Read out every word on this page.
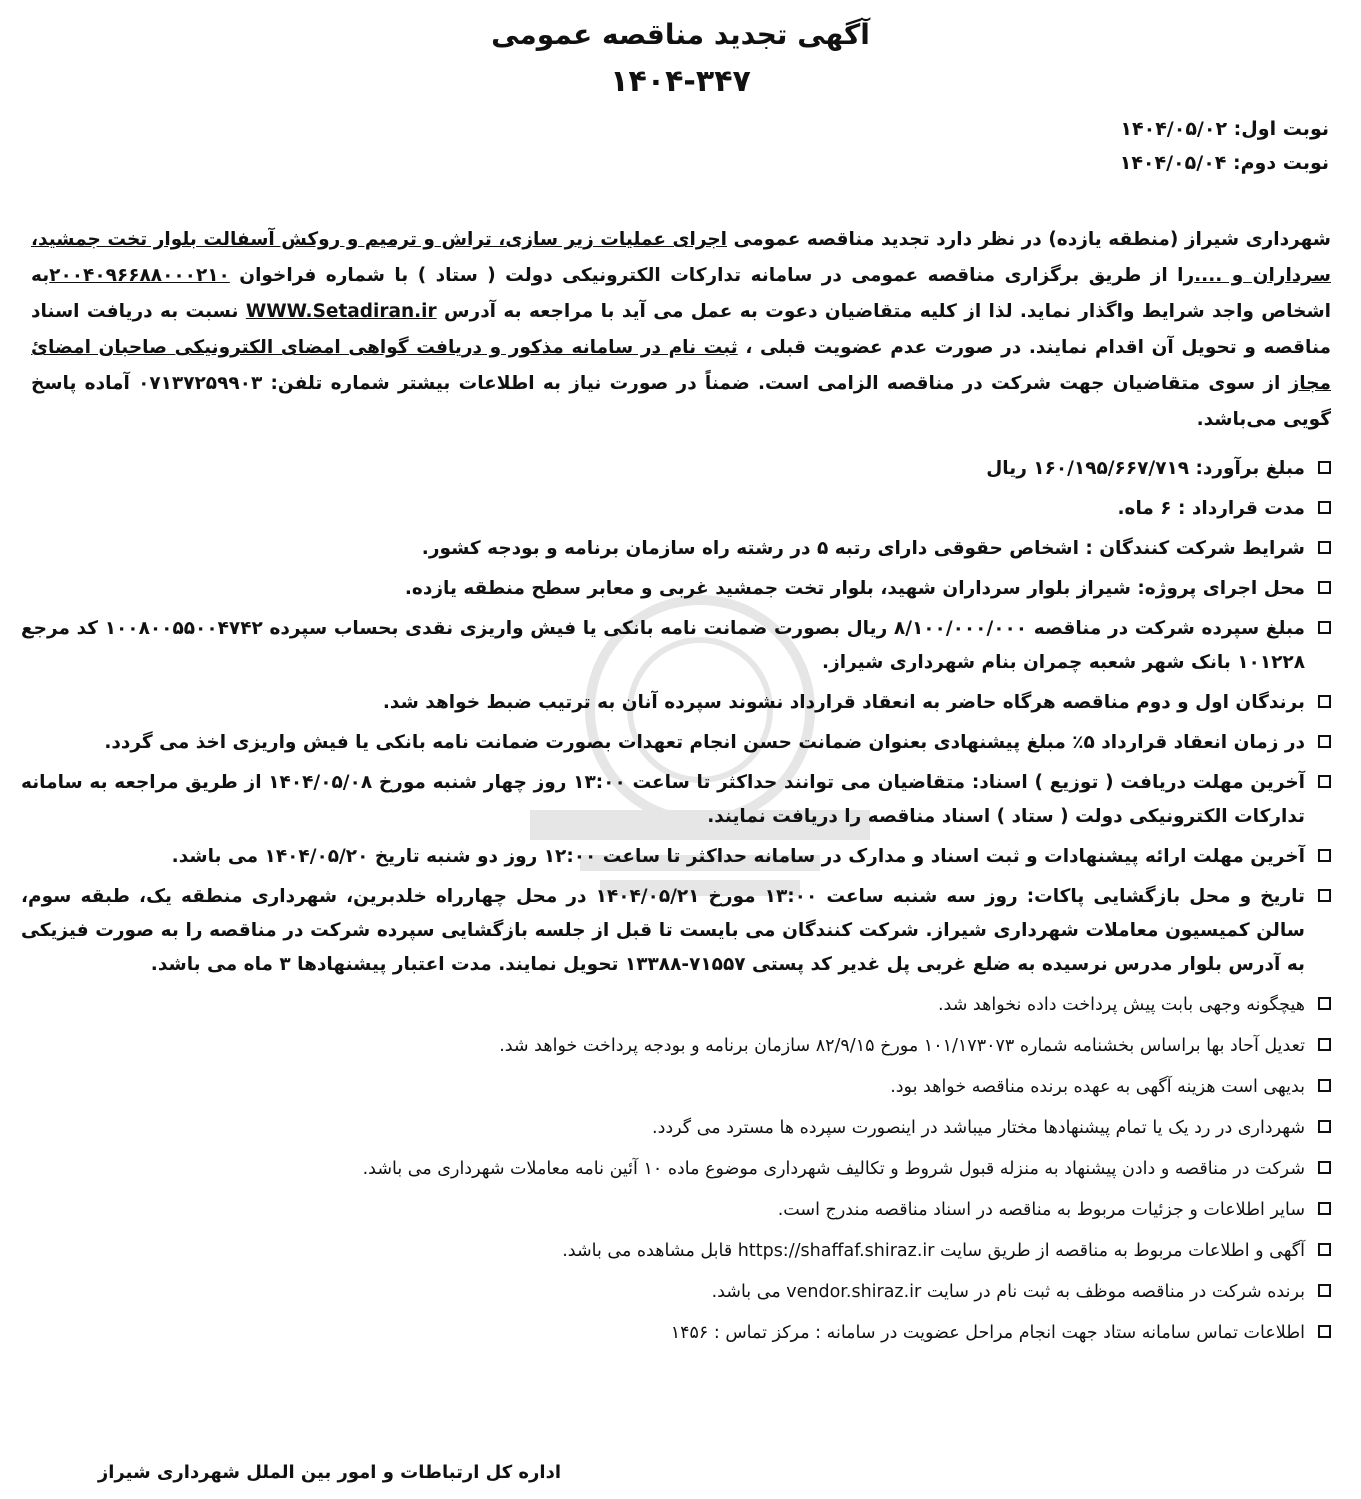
آگهی تجدید مناقصه عمومی
۱۴۰۴-۳۴۷
نوبت اول: ۱۴۰۴/۰۵/۰۲
نوبت دوم: ۱۴۰۴/۰۵/۰۴
شهرداری شیراز (منطقه یازده) در نظر دارد تجدید مناقصه عمومی اجرای عملیات زیر سازی، تراش و ترمیم و روکش آسفالت بلوار تخت جمشید، سرداران و ....را از طریق برگزاری مناقصه عمومی در سامانه تدارکات الکترونیکی دولت ( ستاد ) با شماره فراخوان ۲۰۰۴۰۹۶۶۸۸۰۰۰۲۱۰به اشخاص واجد شرایط واگذار نماید. لذا از کلیه متقاضیان دعوت به عمل می آید با مراجعه به آدرس WWW.Setadiran.ir نسبت به دریافت اسناد مناقصه و تحویل آن اقدام نمایند. در صورت عدم عضویت قبلی ، ثبت نام در سامانه مذکور و دریافت گواهی امضای الکترونیکی صاحبان امضائ مجاز از سوی متقاضیان جهت شرکت در مناقصه الزامی است. ضمناً در صورت نیاز به اطلاعات بیشتر شماره تلفن: ۰۷۱۳۷۲۵۹۹۰۳ آماده پاسخ گویی می‌باشد.
مبلغ برآورد: ۱۶۰/۱۹۵/۶۶۷/۷۱۹ ریال
مدت قرارداد : ۶ ماه.
شرایط شرکت کنندگان : اشخاص حقوقی دارای رتبه ۵ در رشته راه سازمان برنامه و بودجه کشور.
محل اجرای پروژه: شیراز بلوار سرداران شهید، بلوار تخت جمشید غربی و معابر سطح منطقه یازده.
مبلغ سپرده شرکت در مناقصه ۸/۱۰۰/۰۰۰/۰۰۰ ریال بصورت ضمانت نامه بانکی یا فیش واریزی نقدی بحساب سپرده ۱۰۰۸۰۰۵۵۰۰۴۷۴۲ کد مرجع ۱۰۱۲۲۸ بانک شهر شعبه چمران بنام شهرداری شیراز.
برندگان اول و دوم مناقصه هرگاه حاضر به انعقاد قرارداد نشوند سپرده آنان به ترتیب ضبط خواهد شد.
در زمان انعقاد قرارداد ۵٪ مبلغ پیشنهادی بعنوان ضمانت حسن انجام تعهدات بصورت ضمانت نامه بانکی یا فیش واریزی اخذ می گردد.
آخرین مهلت دریافت ( توزیع ) اسناد: متقاضیان می توانند حداکثر تا ساعت ۱۳:۰۰ روز چهار شنبه مورخ ۱۴۰۴/۰۵/۰۸ از طریق مراجعه به سامانه تدارکات الکترونیکی دولت ( ستاد ) اسناد مناقصه را دریافت نمایند.
آخرین مهلت ارائه پیشنهادات و ثبت اسناد و مدارک در سامانه حداکثر تا ساعت ۱۲:۰۰ روز دو شنبه تاریخ ۱۴۰۴/۰۵/۲۰ می باشد.
تاریخ و محل بازگشایی پاکات: روز سه شنبه ساعت ۱۳:۰۰ مورخ ۱۴۰۴/۰۵/۲۱ در محل چهارراه خلدبرین، شهرداری منطقه یک، طبقه سوم، سالن کمیسیون معاملات شهرداری شیراز. شرکت کنندگان می بایست تا قبل از جلسه بازگشایی سپرده شرکت در مناقصه را به صورت فیزیکی به آدرس بلوار مدرس نرسیده به ضلع غربی پل غدیر کد پستی ۷۱۵۵۷-۱۳۳۸۸ تحویل نمایند. مدت اعتبار پیشنهادها ۳ ماه می باشد.
هیچگونه وجهی بابت پیش پرداخت داده نخواهد شد.
تعدیل آحاد بها براساس بخشنامه شماره ۱۰۱/۱۷۳۰۷۳ مورخ ۸۲/۹/۱۵ سازمان برنامه و بودجه پرداخت خواهد شد.
بدیهی است هزینه آگهی به عهده برنده مناقصه خواهد بود.
شهرداری در رد یک یا تمام پیشنهادها مختار میباشد در اینصورت سپرده ها مسترد می گردد.
شرکت در مناقصه و دادن پیشنهاد به منزله قبول شروط و تکالیف شهرداری موضوع ماده ۱۰ آئین نامه معاملات شهرداری می باشد.
سایر اطلاعات و جزئیات مربوط به مناقصه در اسناد مناقصه مندرج است.
آگهی و اطلاعات مربوط به مناقصه از طریق سایت https://shaffaf.shiraz.ir قابل مشاهده می باشد.
برنده شرکت در مناقصه موظف به ثبت نام در سایت vendor.shiraz.ir می باشد.
اطلاعات تماس سامانه ستاد جهت انجام مراحل عضویت در سامانه : مرکز تماس : ۱۴۵۶
اداره کل ارتباطات و امور بین الملل شهرداری شیراز
